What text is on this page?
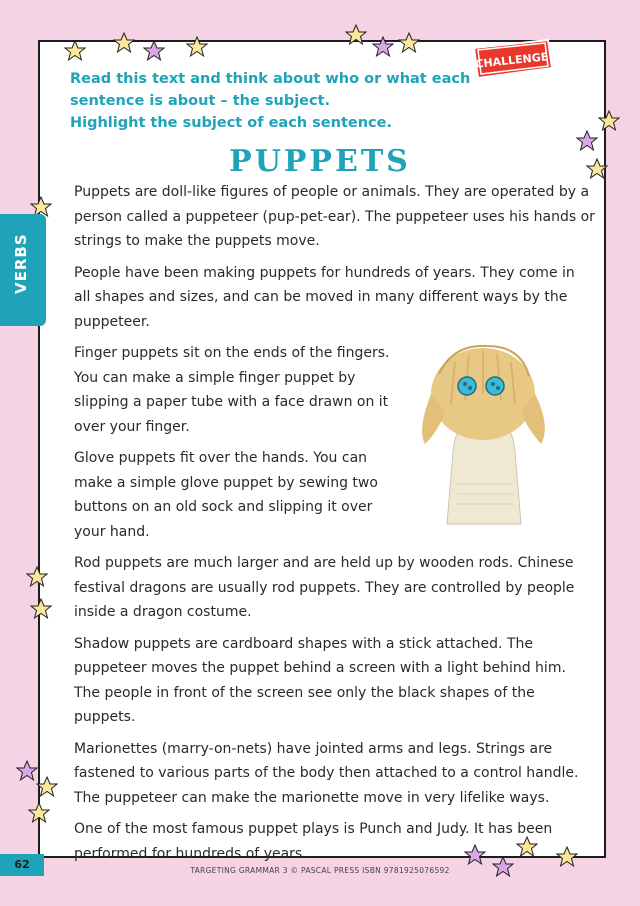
CHALLENGE
Read this text and think about who or what each
sentence is about – the subject.
Highlight the subject of each sentence.
PUPPETS
VERBS
Puppets are doll-like figures of people or animals. They are operated by a
person called a puppeteer (pup-pet-ear). The puppeteer uses his hands or
strings to make the puppets move.
People have been making puppets for hundreds of years. They come in
all shapes and sizes, and can be moved in many different ways by the
puppeteer.
Finger puppets sit on the ends of the fingers.
You can make a simple finger puppet by
slipping a paper tube with a face drawn on it
over your finger.
Glove puppets fit over the hands. You can
make a simple glove puppet by sewing two
buttons on an old sock and slipping it over
your hand.
Rod puppets are much larger and are held up by wooden rods. Chinese
festival dragons are usually rod puppets. They are controlled by people
inside a dragon costume.
Shadow puppets are cardboard shapes with a stick attached. The
puppeteer moves the puppet behind a screen with a light behind him.
The people in front of the screen see only the black shapes of the
puppets.
Marionettes (marry-on-nets) have jointed arms and legs. Strings are
fastened to various parts of the body then attached to a control handle.
The puppeteer can make the marionette move in very lifelike ways.
One of the most famous puppet plays is Punch and Judy. It has been
performed for hundreds of years.
62	TARGETING GRAMMAR 3 © PASCAL PRESS ISBN 9781925076592
